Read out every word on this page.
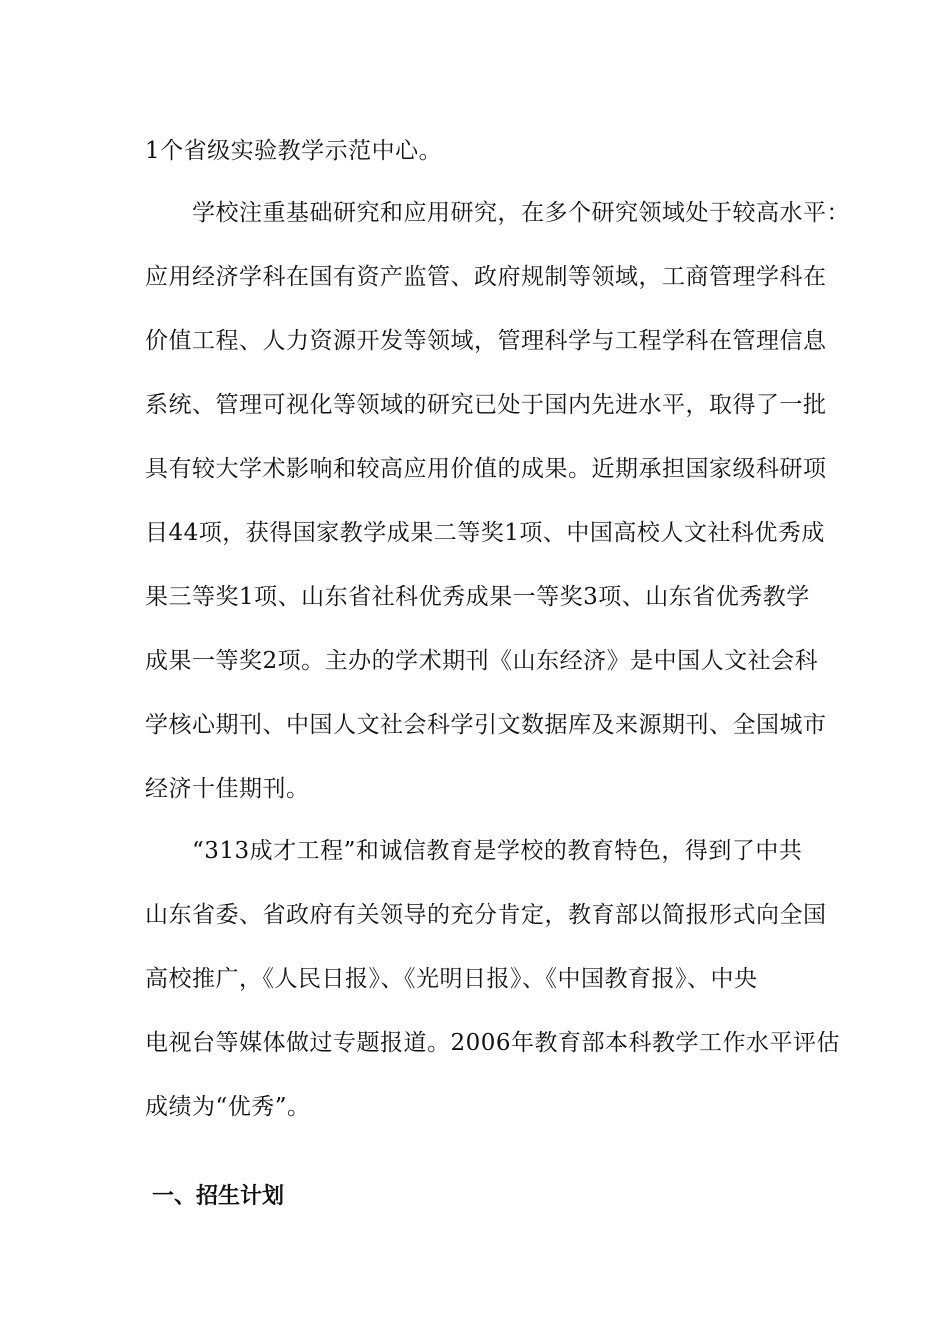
1个省级实验教学示范中心。
学校注重基础研究和应用研究，在多个研究领域处于较高水平：
应用经济学科在国有资产监管、政府规制等领域，工商管理学科在
价值工程、人力资源开发等领域，管理科学与工程学科在管理信息
系统、管理可视化等领域的研究已处于国内先进水平，取得了一批
具有较大学术影响和较高应用价值的成果。近期承担国家级科研项
目44项，获得国家教学成果二等奖1项、中国高校人文社科优秀成
果三等奖1项、山东省社科优秀成果一等奖3项、山东省优秀教学
成果一等奖2项。主办的学术期刊《山东经济》是中国人文社会科
学核心期刊、中国人文社会科学引文数据库及来源期刊、全国城市
经济十佳期刊。
“313成才工程”和诚信教育是学校的教育特色，得到了中共
山东省委、省政府有关领导的充分肯定，教育部以简报形式向全国
高校推广，《人民日报》、《光明日报》、《中国教育报》、中央
电视台等媒体做过专题报道。2006年教育部本科教学工作水平评估
成绩为“优秀”。
一、招生计划
